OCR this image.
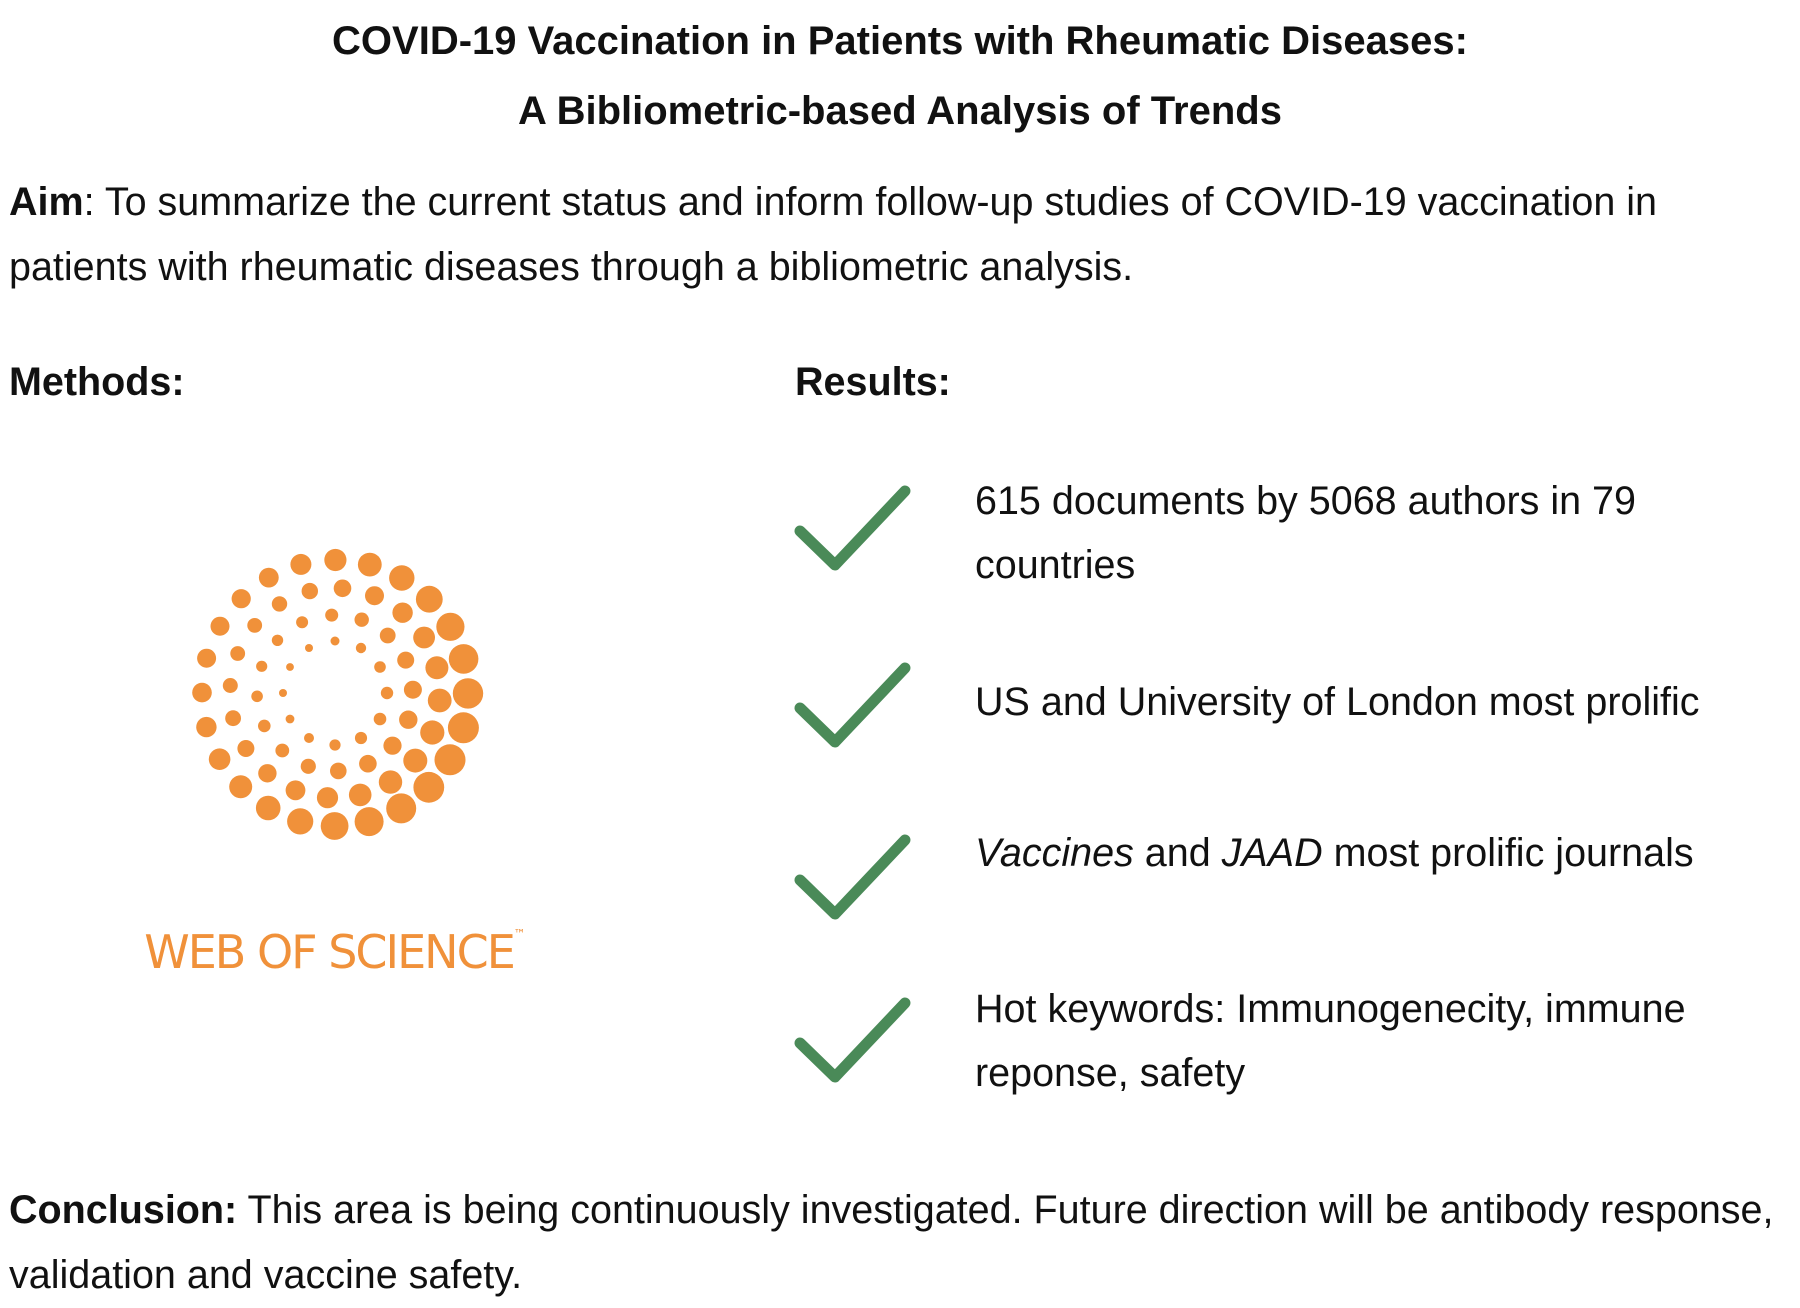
COVID-19 Vaccination in Patients with Rheumatic Diseases:
A Bibliometric-based Analysis of Trends

Aim: To summarize the current status and inform follow-up studies of COVID-19 vaccination in patients with rheumatic diseases through a bibliometric analysis.

Methods:	Results:
WEB OF SCIENCE™

615 documents by 5068 authors in 79 countries

US and University of London most prolific

Vaccines and JAAD most prolific journals

Hot keywords: Immunogenecity, immune reponse, safety

Conclusion: This area is being continuously investigated. Future direction will be antibody response, validation and vaccine safety.
